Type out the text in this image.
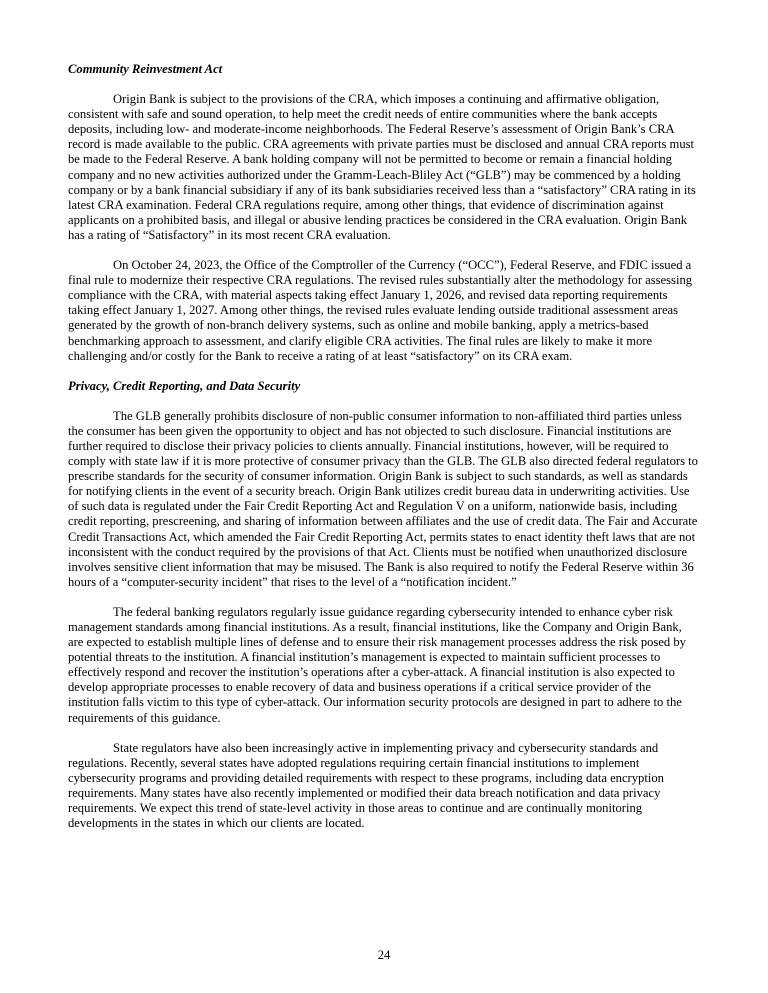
Community Reinvestment Act

Origin Bank is subject to the provisions of the CRA, which imposes a continuing and affirmative obligation, consistent with safe and sound operation, to help meet the credit needs of entire communities where the bank accepts deposits, including low- and moderate-income neighborhoods. The Federal Reserve’s assessment of Origin Bank’s CRA record is made available to the public. CRA agreements with private parties must be disclosed and annual CRA reports must be made to the Federal Reserve. A bank holding company will not be permitted to become or remain a financial holding company and no new activities authorized under the Gramm-Leach-Bliley Act (“GLB”) may be commenced by a holding company or by a bank financial subsidiary if any of its bank subsidiaries received less than a “satisfactory” CRA rating in its latest CRA examination. Federal CRA regulations require, among other things, that evidence of discrimination against applicants on a prohibited basis, and illegal or abusive lending practices be considered in the CRA evaluation. Origin Bank has a rating of “Satisfactory” in its most recent CRA evaluation.

On October 24, 2023, the Office of the Comptroller of the Currency (“OCC”), Federal Reserve, and FDIC issued a final rule to modernize their respective CRA regulations. The revised rules substantially alter the methodology for assessing compliance with the CRA, with material aspects taking effect January 1, 2026, and revised data reporting requirements taking effect January 1, 2027. Among other things, the revised rules evaluate lending outside traditional assessment areas generated by the growth of non-branch delivery systems, such as online and mobile banking, apply a metrics-based benchmarking approach to assessment, and clarify eligible CRA activities. The final rules are likely to make it more challenging and/or costly for the Bank to receive a rating of at least “satisfactory” on its CRA exam.

Privacy, Credit Reporting, and Data Security

The GLB generally prohibits disclosure of non-public consumer information to non-affiliated third parties unless the consumer has been given the opportunity to object and has not objected to such disclosure. Financial institutions are further required to disclose their privacy policies to clients annually. Financial institutions, however, will be required to comply with state law if it is more protective of consumer privacy than the GLB. The GLB also directed federal regulators to prescribe standards for the security of consumer information. Origin Bank is subject to such standards, as well as standards for notifying clients in the event of a security breach. Origin Bank utilizes credit bureau data in underwriting activities. Use of such data is regulated under the Fair Credit Reporting Act and Regulation V on a uniform, nationwide basis, including credit reporting, prescreening, and sharing of information between affiliates and the use of credit data. The Fair and Accurate Credit Transactions Act, which amended the Fair Credit Reporting Act, permits states to enact identity theft laws that are not inconsistent with the conduct required by the provisions of that Act. Clients must be notified when unauthorized disclosure involves sensitive client information that may be misused. The Bank is also required to notify the Federal Reserve within 36 hours of a “computer-security incident” that rises to the level of a “notification incident.”

The federal banking regulators regularly issue guidance regarding cybersecurity intended to enhance cyber risk management standards among financial institutions. As a result, financial institutions, like the Company and Origin Bank, are expected to establish multiple lines of defense and to ensure their risk management processes address the risk posed by potential threats to the institution. A financial institution’s management is expected to maintain sufficient processes to effectively respond and recover the institution’s operations after a cyber-attack. A financial institution is also expected to develop appropriate processes to enable recovery of data and business operations if a critical service provider of the institution falls victim to this type of cyber-attack. Our information security protocols are designed in part to adhere to the requirements of this guidance.

State regulators have also been increasingly active in implementing privacy and cybersecurity standards and regulations. Recently, several states have adopted regulations requiring certain financial institutions to implement cybersecurity programs and providing detailed requirements with respect to these programs, including data encryption requirements. Many states have also recently implemented or modified their data breach notification and data privacy requirements. We expect this trend of state-level activity in those areas to continue and are continually monitoring developments in the states in which our clients are located.

24
